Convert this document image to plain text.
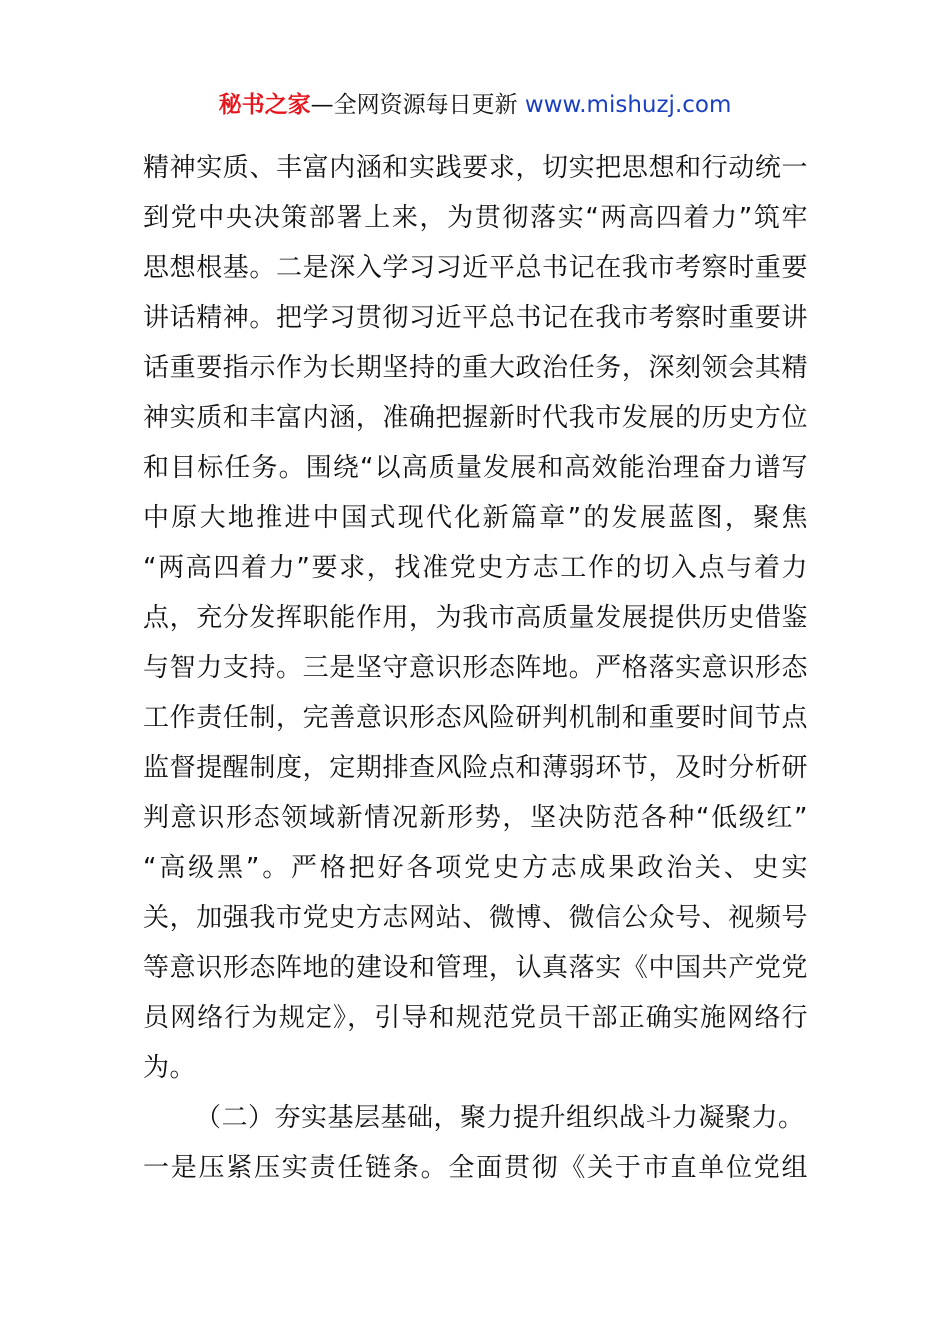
秘书之家—全网资源每日更新 www.mishuzj.com
精神实质、丰富内涵和实践要求，切实把思想和行动统一
到党中央决策部署上来，为贯彻落实“两高四着力”筑牢
思想根基。二是深入学习习近平总书记在我市考察时重要
讲话精神。把学习贯彻习近平总书记在我市考察时重要讲
话重要指示作为长期坚持的重大政治任务，深刻领会其精
神实质和丰富内涵，准确把握新时代我市发展的历史方位
和目标任务。围绕“以高质量发展和高效能治理奋力谱写
中原大地推进中国式现代化新篇章”的发展蓝图，聚焦
“两高四着力”要求，找准党史方志工作的切入点与着力
点，充分发挥职能作用，为我市高质量发展提供历史借鉴
与智力支持。三是坚守意识形态阵地。严格落实意识形态
工作责任制，完善意识形态风险研判机制和重要时间节点
监督提醒制度，定期排查风险点和薄弱环节，及时分析研
判意识形态领域新情况新形势，坚决防范各种“低级红”
“高级黑”。严格把好各项党史方志成果政治关、史实
关，加强我市党史方志网站、微博、微信公众号、视频号
等意识形态阵地的建设和管理，认真落实《中国共产党党
员网络行为规定》，引导和规范党员干部正确实施网络行
为。
（二）夯实基层基础，聚力提升组织战斗力凝聚力。
一是压紧压实责任链条。全面贯彻《关于市直单位党组
